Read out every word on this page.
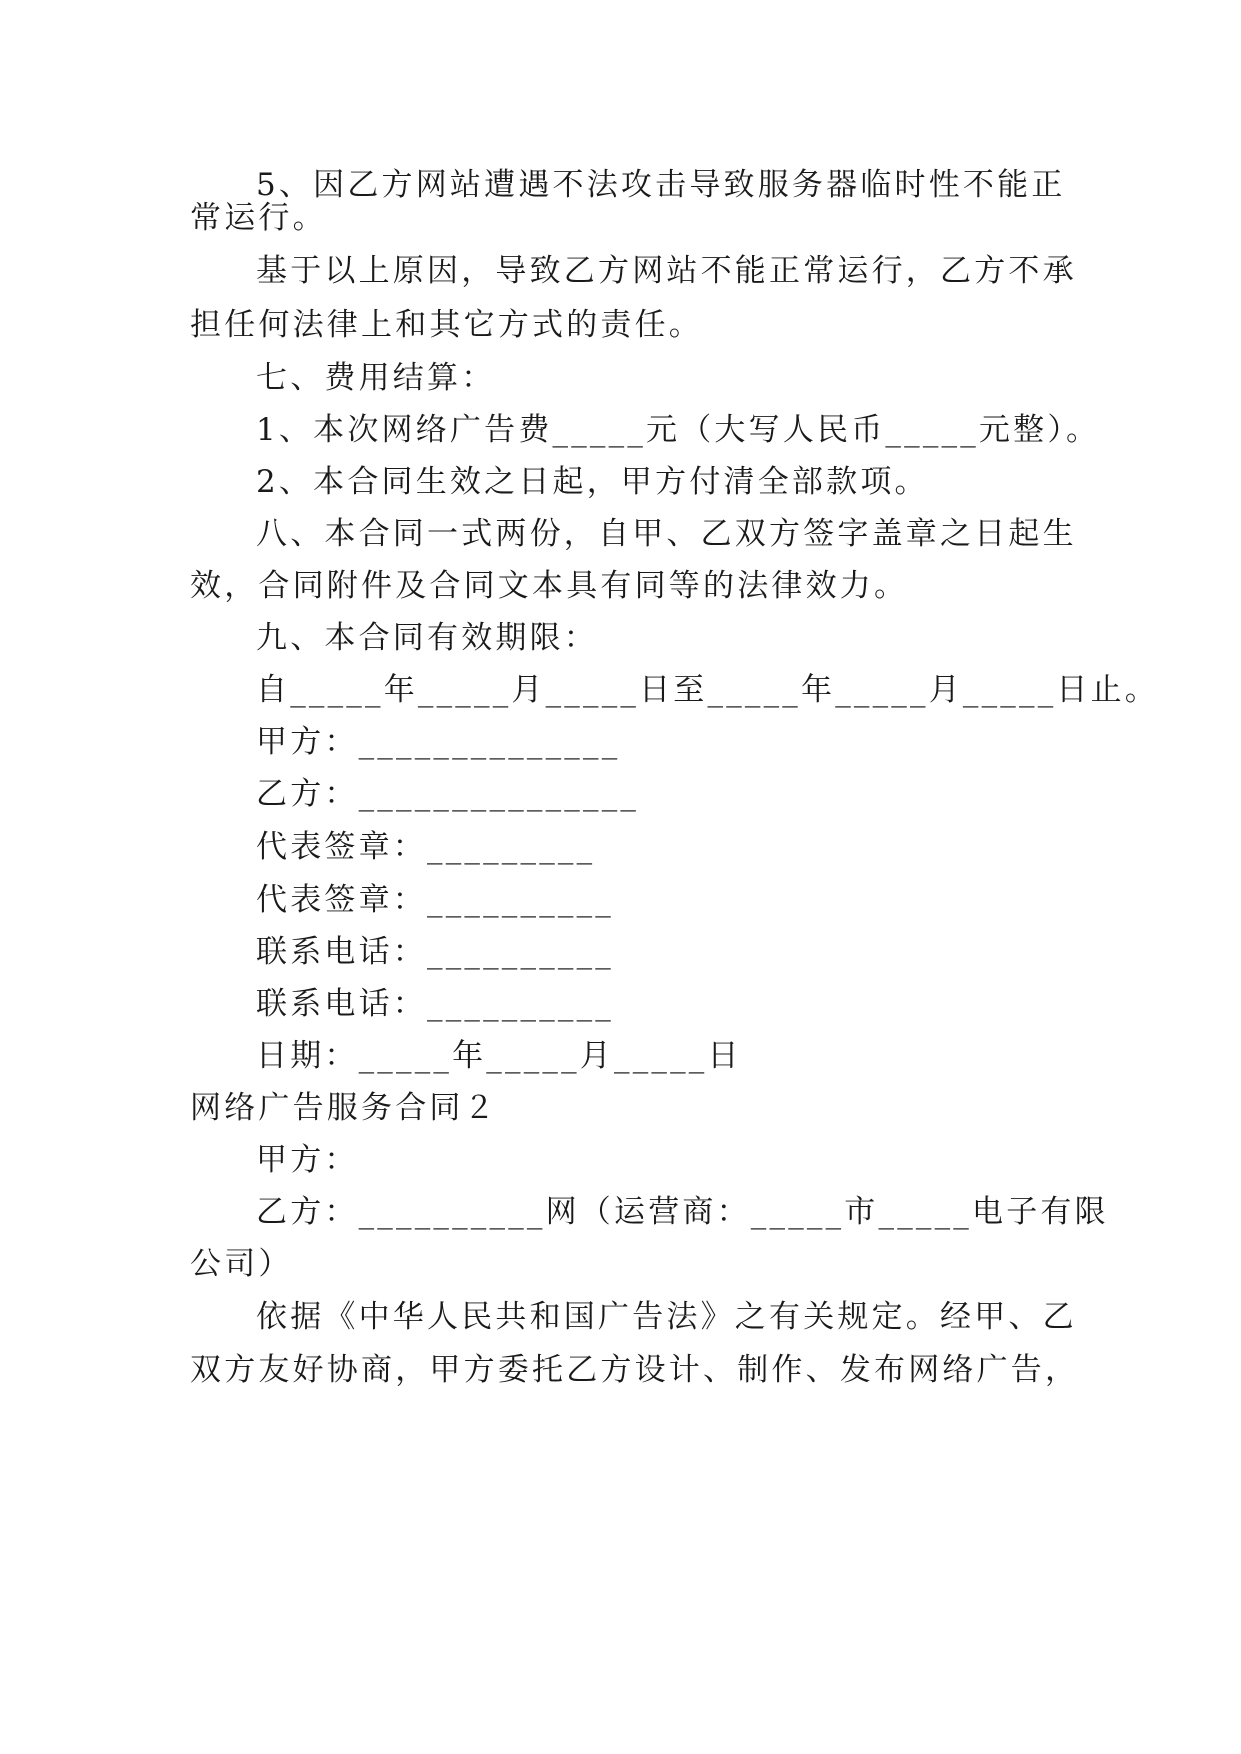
5、因乙方网站遭遇不法攻击导致服务器临时性不能正
常运行。
基于以上原因，导致乙方网站不能正常运行，乙方不承
担任何法律上和其它方式的责任。
七、费用结算：
1、本次网络广告费_____元（大写人民币_____元整）。
2、本合同生效之日起，甲方付清全部款项。
八、本合同一式两份，自甲、乙双方签字盖章之日起生
效，合同附件及合同文本具有同等的法律效力。
九、本合同有效期限：
自_____年_____月_____日至_____年_____月_____日止。
甲方：______________
乙方：_______________
代表签章：_________
代表签章：__________
联系电话：__________
联系电话：__________
日期：_____年_____月_____日
网络广告服务合同２
甲方：
乙方：__________网（运营商：_____市_____电子有限
公司）
依据《中华人民共和国广告法》之有关规定。经甲、乙
双方友好协商，甲方委托乙方设计、制作、发布网络广告，
